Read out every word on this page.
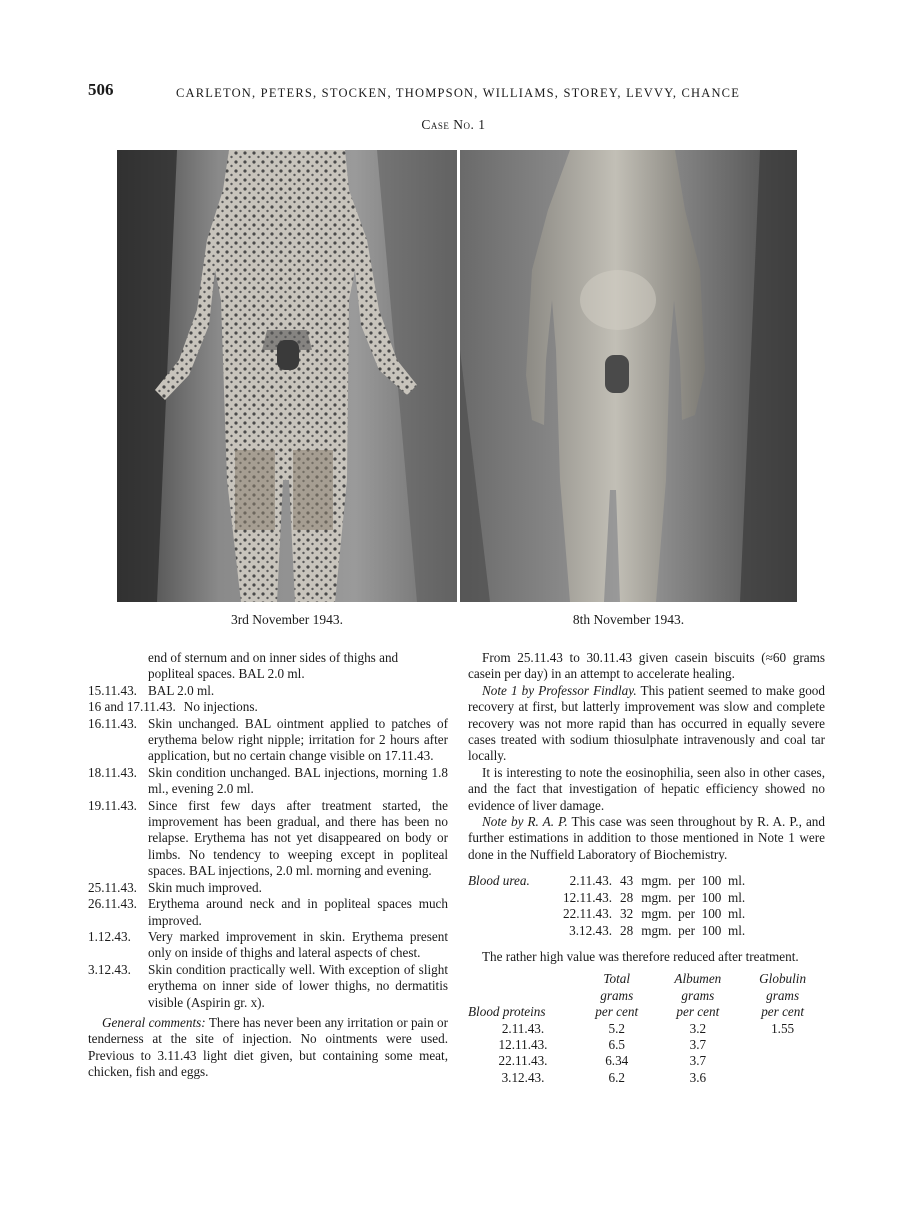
506	CARLETON, PETERS, STOCKEN, THOMPSON, WILLIAMS, STOREY, LEVVY, CHANCE
Case No. 1
3rd November 1943.	8th November 1943.
end of sternum and on inner sides of thighs and
popliteal spaces. BAL 2.0 ml.
15.11.43. BAL 2.0 ml.
16 and 17.11.43. No injections.
16.11.43. Skin unchanged. BAL ointment applied to patches of erythema below right nipple; irritation for 2 hours after application, but no certain change visible on 17.11.43.
18.11.43. Skin condition unchanged. BAL injections, morning 1.8 ml., evening 2.0 ml.
19.11.43. Since first few days after treatment started, the improvement has been gradual, and there has been no relapse. Erythema has not yet disappeared on body or limbs. No tendency to weeping except in popliteal spaces. BAL injections, 2.0 ml. morning and evening.
25.11.43. Skin much improved.
26.11.43. Erythema around neck and in popliteal spaces much improved.
1.12.43.	Very marked improvement in skin. Erythema present only on inside of thighs and lateral aspects of chest.
3.12.43.	Skin condition practically well. With exception of slight erythema on inner side of lower thighs, no dermatitis visible (Aspirin gr. x).
General comments: There has never been any irritation or pain or tenderness at the site of injection. No ointments were used. Previous to 3.11.43 light diet given, but containing some meat, chicken, fish and eggs.

From 25.11.43 to 30.11.43 given casein biscuits (≈60 grams casein per day) in an attempt to accelerate healing.

Note 1 by Professor Findlay. This patient seemed to make good recovery at first, but latterly improvement was slow and complete recovery was not more rapid than has occurred in equally severe cases treated with sodium thiosulphate intravenously and coal tar locally.

It is interesting to note the eosinophilia, seen also in other cases, and the fact that investigation of hepatic efficiency showed no evidence of liver damage.

Note by R. A. P. This case was seen throughout by R. A. P., and further estimations in addition to those mentioned in Note 1 were done in the Nuffield Laboratory of Biochemistry.

Blood urea.	2.11.43.	43	mgm.  per  100  ml.
	12.11.43.	28	mgm.  per  100  ml.
	22.11.43.	32	mgm.  per  100  ml.
	3.12.43.	28	mgm.  per  100  ml.

The rather high value was therefore reduced after treatment.

	Total	Albumen	Globulin
	grams	grams	grams
Blood proteins	per cent	per cent	per cent
2.11.43.	5.2	3.2	1.55
12.11.43.	6.5	3.7	
22.11.43.	6.34	3.7	
3.12.43.	6.2	3.6	
